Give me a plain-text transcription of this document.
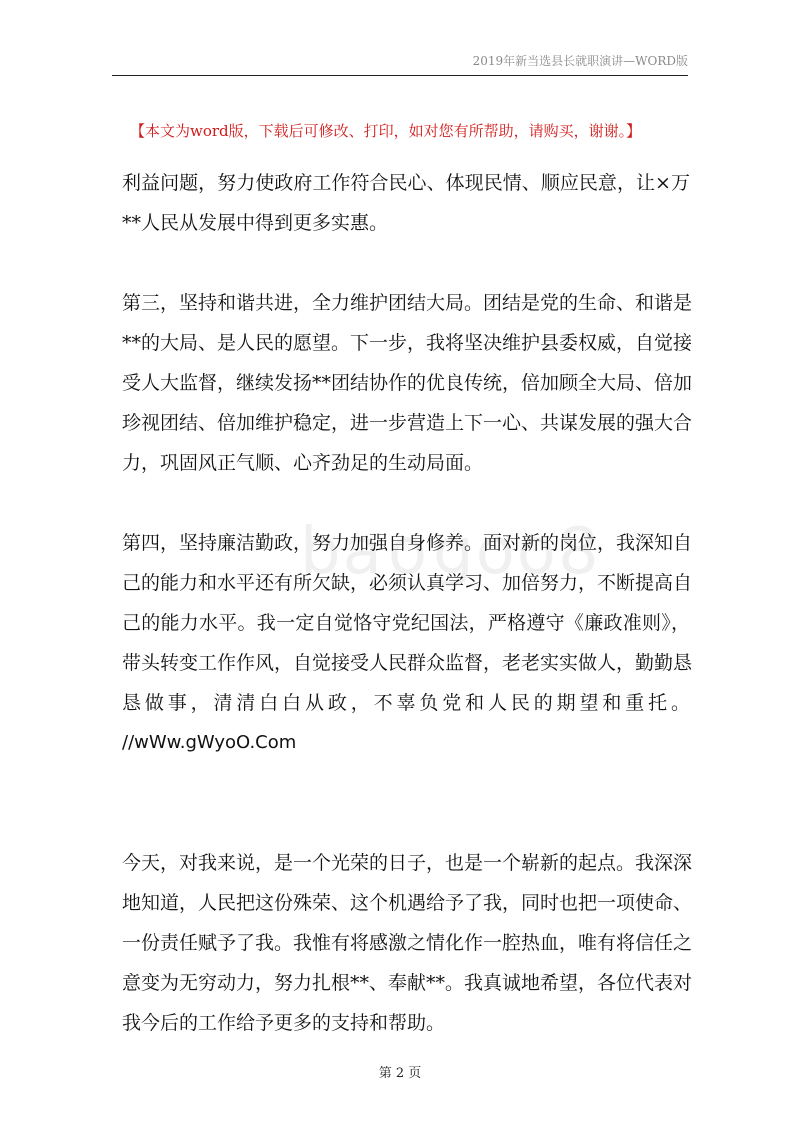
2019年新当选县长就职演讲—WORD版
【本文为word版，下载后可修改、打印，如对您有所帮助，请购买，谢谢。】
baogoo8
利益问题，努力使政府工作符合民心、体现民情、顺应民意，让×万
**人民从发展中得到更多实惠。
第三，坚持和谐共进，全力维护团结大局。团结是党的生命、和谐是
**的大局、是人民的愿望。下一步，我将坚决维护县委权威，自觉接
受人大监督，继续发扬**团结协作的优良传统，倍加顾全大局、倍加
珍视团结、倍加维护稳定，进一步营造上下一心、共谋发展的强大合
力，巩固风正气顺、心齐劲足的生动局面。
第四，坚持廉洁勤政，努力加强自身修养。面对新的岗位，我深知自
己的能力和水平还有所欠缺，必须认真学习、加倍努力，不断提高自
己的能力水平。我一定自觉恪守党纪国法，严格遵守《廉政准则》，
带头转变工作作风，自觉接受人民群众监督，老老实实做人，勤勤恳
恳做事，清清白白从政，不辜负党和人民的期望和重托。
//wWw.gWyoO.Com
今天，对我来说，是一个光荣的日子，也是一个崭新的起点。我深深
地知道，人民把这份殊荣、这个机遇给予了我，同时也把一项使命、
一份责任赋予了我。我惟有将感激之情化作一腔热血，唯有将信任之
意变为无穷动力，努力扎根**、奉献**。我真诚地希望，各位代表对
我今后的工作给予更多的支持和帮助。
第 2 页
